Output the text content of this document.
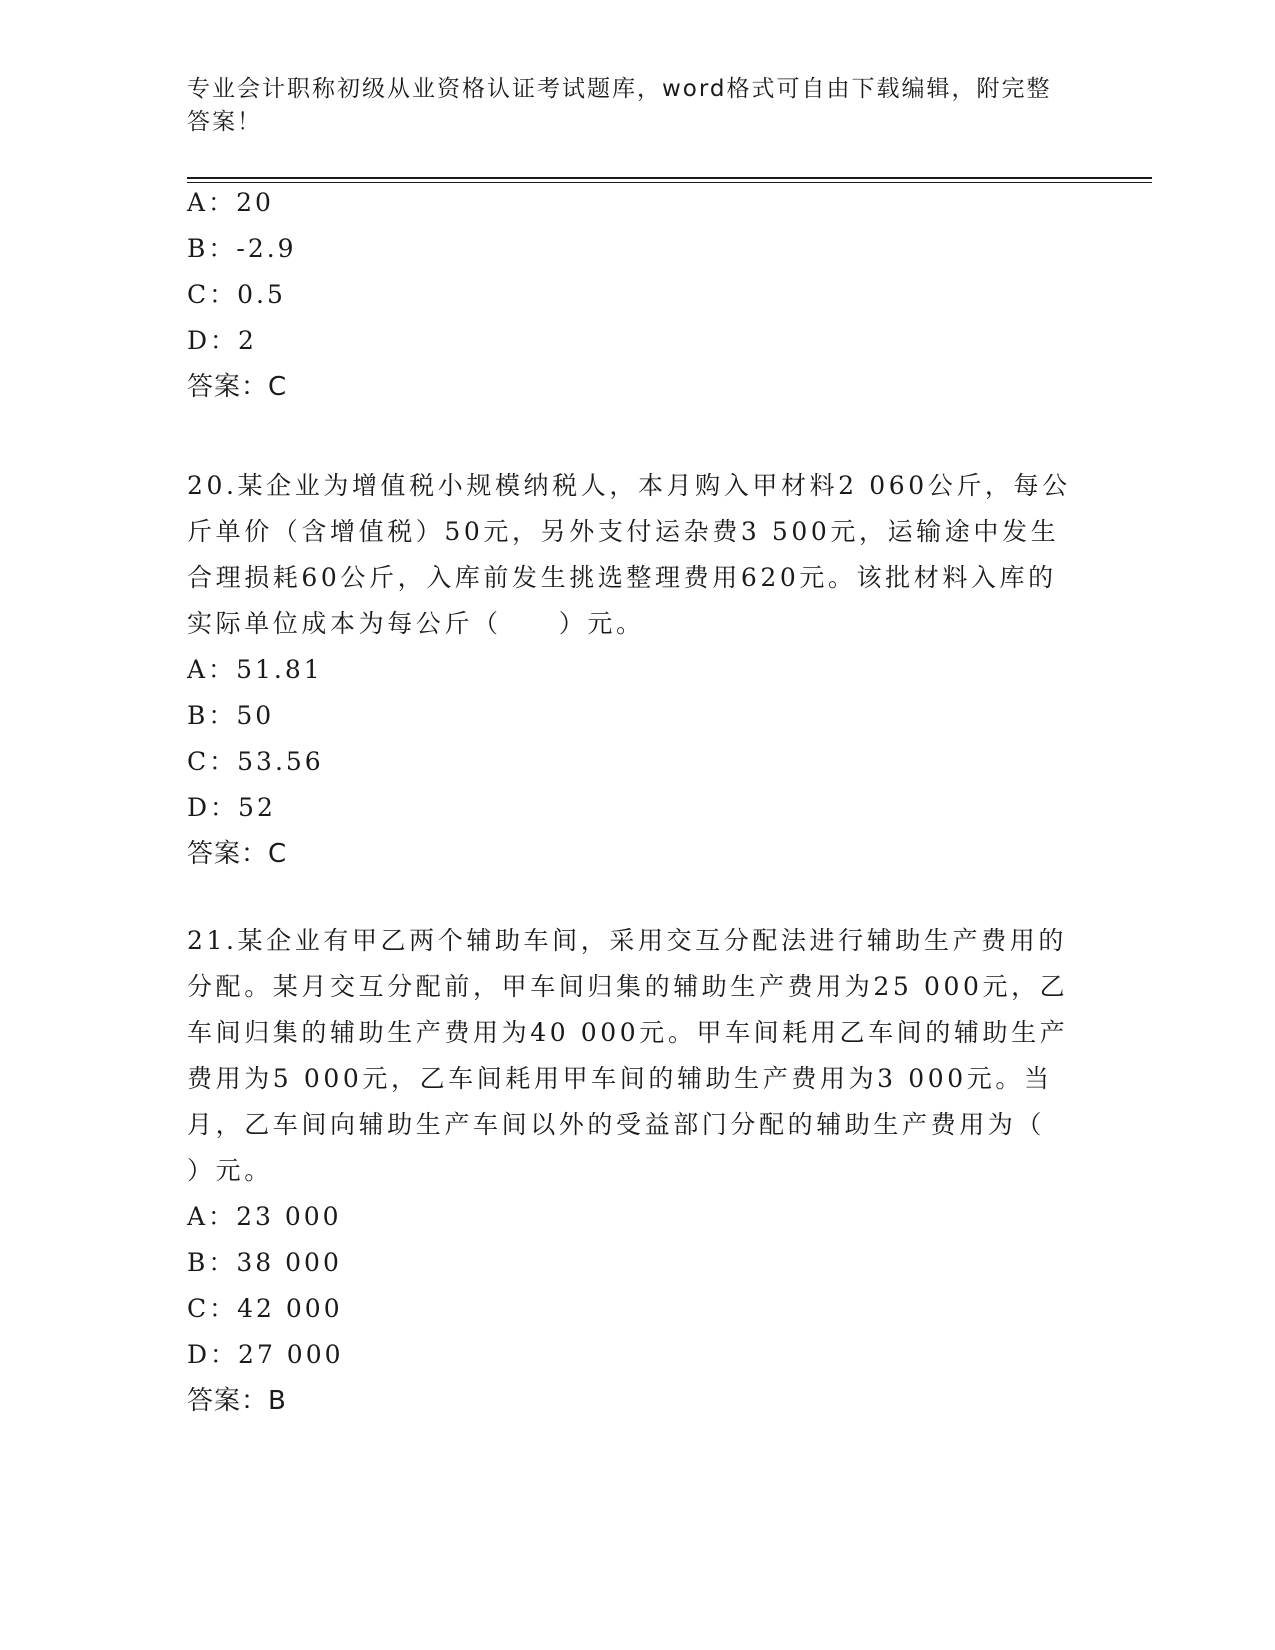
专业会计职称初级从业资格认证考试题库，word格式可自由下载编辑，附完整答案！
A：20
B：-2.9
C：0.5
D：2
答案：C
20.某企业为增值税小规模纳税人，本月购入甲材料2 060公斤，每公
斤单价（含增值税）50元，另外支付运杂费3 500元，运输途中发生
合理损耗60公斤，入库前发生挑选整理费用620元。该批材料入库的
实际单位成本为每公斤（　　）元。
A：51.81
B：50
C：53.56
D：52
答案：C
21.某企业有甲乙两个辅助车间，采用交互分配法进行辅助生产费用的
分配。某月交互分配前，甲车间归集的辅助生产费用为25 000元，乙
车间归集的辅助生产费用为40 000元。甲车间耗用乙车间的辅助生产
费用为5 000元，乙车间耗用甲车间的辅助生产费用为3 000元。当
月，乙车间向辅助生产车间以外的受益部门分配的辅助生产费用为（
）元。
A：23 000
B：38 000
C：42 000
D：27 000
答案：B
